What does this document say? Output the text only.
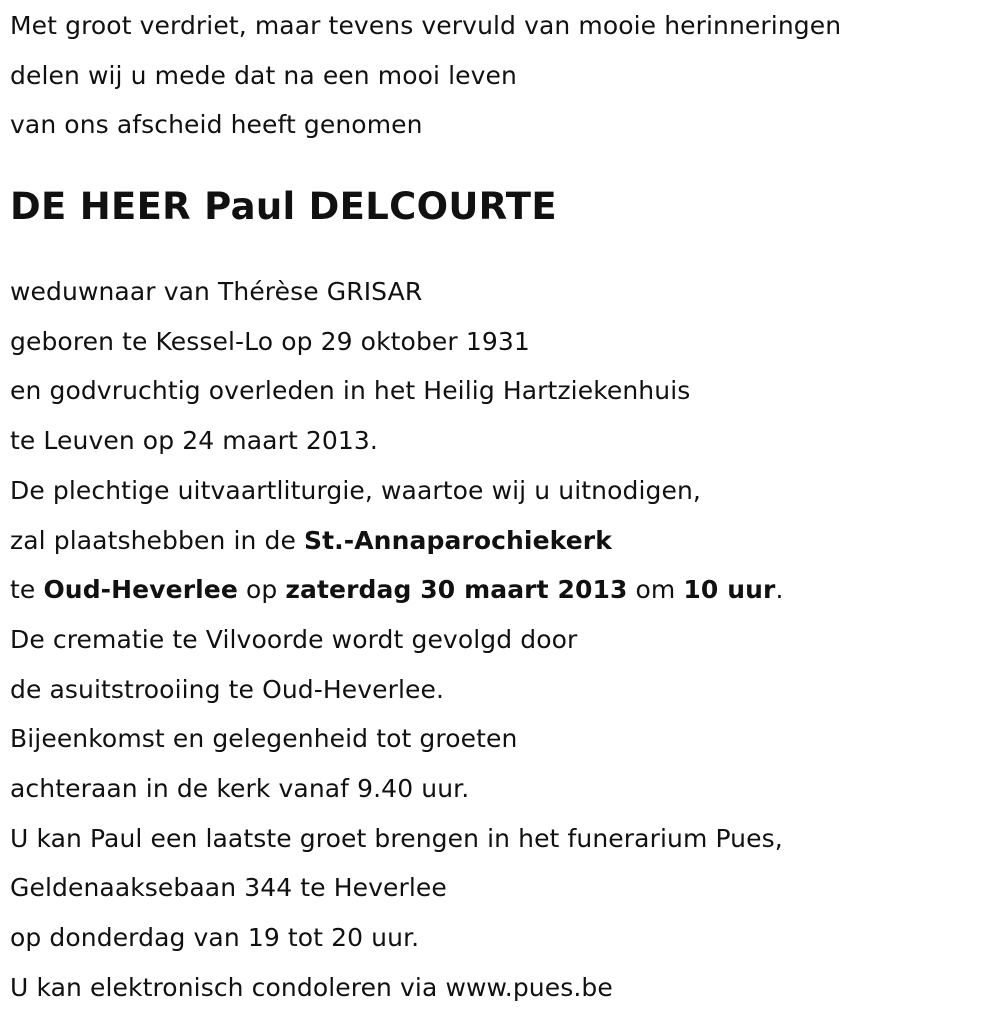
Met groot verdriet, maar tevens vervuld van mooie herinneringen
delen wij u mede dat na een mooi leven
van ons afscheid heeft genomen
DE HEER Paul DELCOURTE
weduwnaar van Thérèse GRISAR
geboren te Kessel-Lo op 29 oktober 1931
en godvruchtig overleden in het Heilig Hartziekenhuis
te Leuven op 24 maart 2013.
De plechtige uitvaartliturgie, waartoe wij u uitnodigen,
zal plaatshebben in de St.-Annaparochiekerk
te Oud-Heverlee op zaterdag 30 maart 2013 om 10 uur.
De crematie te Vilvoorde wordt gevolgd door
de asuitstrooiing te Oud-Heverlee.
Bijeenkomst en gelegenheid tot groeten
achteraan in de kerk vanaf 9.40 uur.
U kan Paul een laatste groet brengen in het funerarium Pues,
Geldenaaksebaan 344 te Heverlee
op donderdag van 19 tot 20 uur.
U kan elektronisch condoleren via www.pues.be
